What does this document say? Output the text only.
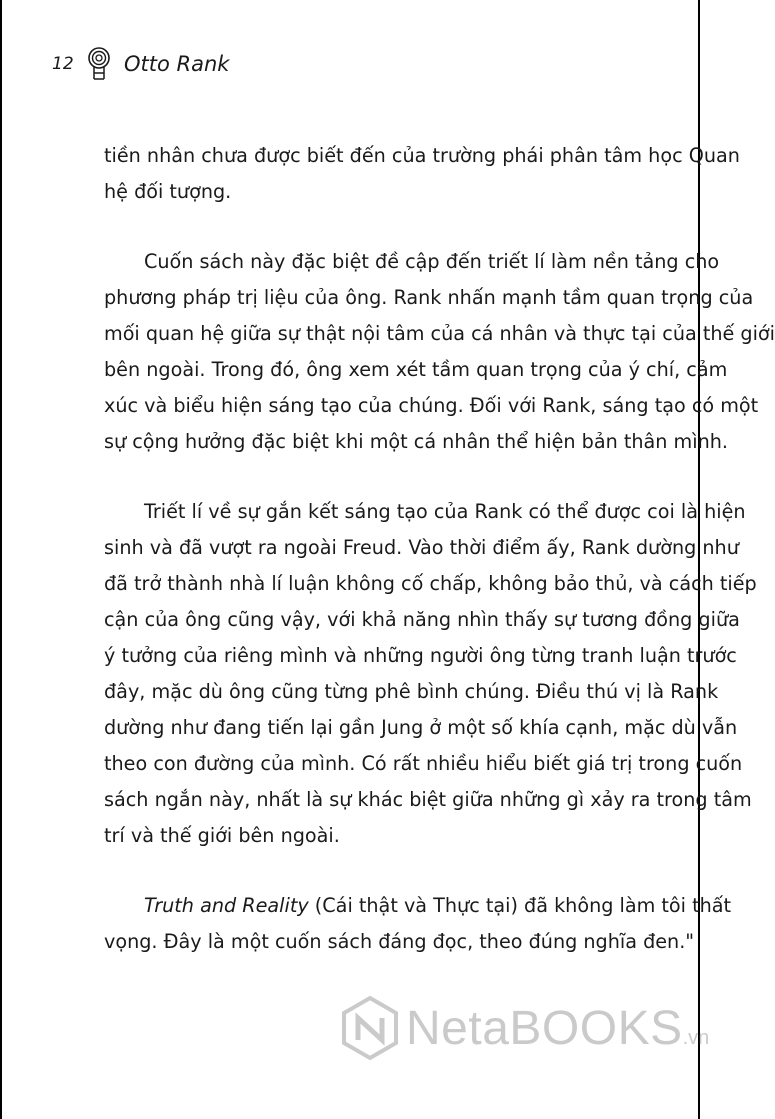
12	Otto Rank

tiền nhân chưa được biết đến của trường phái phân tâm học Quan
hệ đối tượng.

Cuốn sách này đặc biệt đề cập đến triết lí làm nền tảng cho
phương pháp trị liệu của ông. Rank nhấn mạnh tầm quan trọng của
mối quan hệ giữa sự thật nội tâm của cá nhân và thực tại của thế giới
bên ngoài. Trong đó, ông xem xét tầm quan trọng của ý chí, cảm
xúc và biểu hiện sáng tạo của chúng. Đối với Rank, sáng tạo có một
sự cộng hưởng đặc biệt khi một cá nhân thể hiện bản thân mình.

Triết lí về sự gắn kết sáng tạo của Rank có thể được coi là hiện
sinh và đã vượt ra ngoài Freud. Vào thời điểm ấy, Rank dường như
đã trở thành nhà lí luận không cố chấp, không bảo thủ, và cách tiếp
cận của ông cũng vậy, với khả năng nhìn thấy sự tương đồng giữa
ý tưởng của riêng mình và những người ông từng tranh luận trước
đây, mặc dù ông cũng từng phê bình chúng. Điều thú vị là Rank
dường như đang tiến lại gần Jung ở một số khía cạnh, mặc dù vẫn
theo con đường của mình. Có rất nhiều hiểu biết giá trị trong cuốn
sách ngắn này, nhất là sự khác biệt giữa những gì xảy ra trong tâm
trí và thế giới bên ngoài.

Truth and Reality (Cái thật và Thực tại) đã không làm tôi thất
vọng. Đây là một cuốn sách đáng đọc, theo đúng nghĩa đen."

NetaBOOKS .vn
